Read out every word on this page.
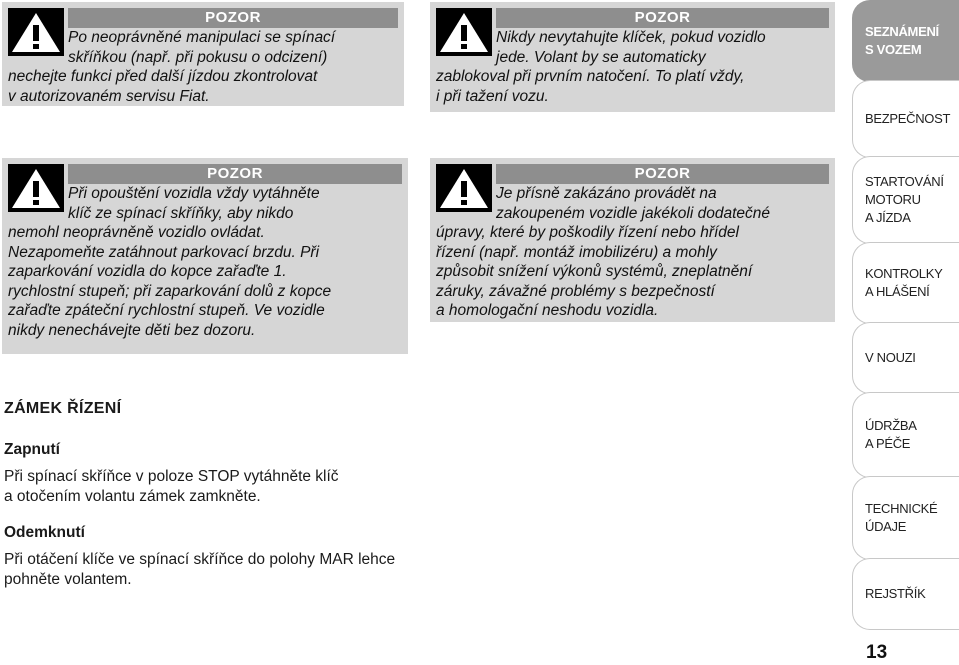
POZOR
Po neoprávněné manipulaci se spínací
skříňkou (např. při pokusu o odcizení)
nechejte funkci před další jízdou zkontrolovat
v autorizovaném servisu Fiat.
POZOR
Nikdy nevytahujte klíček, pokud vozidlo
jede. Volant by se automaticky
zablokoval při prvním natočení. To platí vždy,
i při tažení vozu.
POZOR
Při opouštění vozidla vždy vytáhněte
klíč ze spínací skříňky, aby nikdo
nemohl neoprávněně vozidlo ovládat.
Nezapomeňte zatáhnout parkovací brzdu. Při
zaparkování vozidla do kopce zařaďte 1.
rychlostní stupeň; při zaparkování dolů z kopce
zařaďte zpáteční rychlostní stupeň. Ve vozidle
nikdy nenechávejte děti bez dozoru.
POZOR
Je přísně zakázáno provádět na
zakoupeném vozidle jakékoli dodatečné
úpravy, které by poškodily řízení nebo hřídel
řízení (např. montáž imobilizéru) a mohly
způsobit snížení výkonů systémů, zneplatnění
záruky, závažné problémy s bezpečností
a homologační neshodu vozidla.
ZÁMEK ŘÍZENÍ
Zapnutí
Při spínací skříňce v poloze STOP vytáhněte klíč
a otočením volantu zámek zamkněte.
Odemknutí
Při otáčení klíče ve spínací skříňce do polohy MAR lehce
pohněte volantem.
SEZNÁMENÍ
S VOZEM
BEZPEČNOST
STARTOVÁNÍ
MOTORU
A JÍZDA
KONTROLKY
A HLÁŠENÍ
V NOUZI
ÚDRŽBA
A PÉČE
TECHNICKÉ
ÚDAJE
REJSTŘÍK
13
